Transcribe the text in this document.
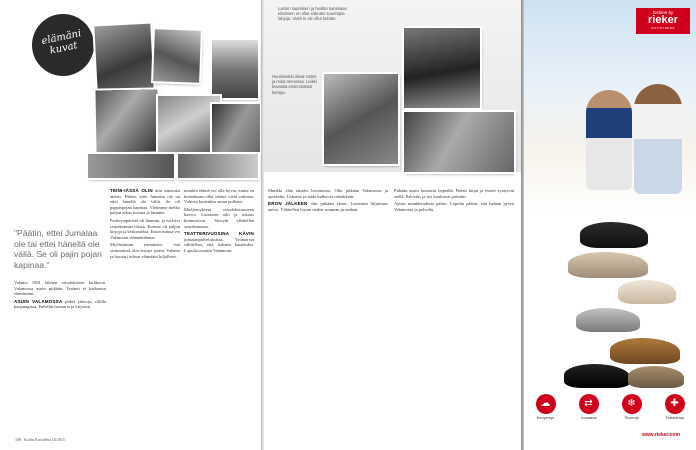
elämäni kuvat
"Päätin, ettei Jumalaa ole tai ettei hänellä ole väliä. Se oli pajin pojan kapinaa."

TEINI-IÄSSÄ OLIN niin sanotusti ateisti. Päätin, ettei Jumalaa ole tai ettei hänellä ole väliä. Se oli pappispojan kapinaa. Vietimme melko paljon aikaa kotona ja luimme.

Perheympäristö oli lämmin, ja isä kävi seurakunnan töissä. Kotona oli paljon kirjoja ja keskustelua. Ensin minua vei Valamoon elämäntilanne.

Myöhemmin ymmärsin, että sisimmässä olin etsinyt jotain. Valamo ja luostari tulivat elämääni hiljalleen.

munkin elämä voi olla hyvin, mutta en kuitenkaan ollut tehnyt vielä valintaa. Valitsin kuitenkin oman polkuni.

Mieltymykseni ortodoksisuuteen kasvoi. Luostarin arki ja rukous kiinnostivat. Siirryin vähitellen seurakuntaan.

TEATTERIVUOSINA KÄVIN jumalanpalveluksissa. Ymmärsin vähitellen, että halusin kastetuksi. Lopulta muutin Valamoon.

Valamo 1991 lähtien ortodoksisen kirkkoon. Valamossa asuin pitkään. Teatteri ei kadonnut elämästäni.

ASUIN VALAMOSSA pitkiä jaksoja, välillä kaupungissa. Palvelin luostaria ja kirjoitin.

108 Kodin Kuvalehti 10/2015
Lasten saamisen ja heidän kanssaan elämisen on ollut elämäni suurimpia lahjoja. Vielä ei ole ollut ketään.
Huomiseksi olivat Väinö ja minä menossa. Leikki kuvassa ensimmäisiä kertoja.

Munkki elää tänään luostarissa. Olin pitkään Valamossa ja opiskelin. Uskonto ja taide kulkevat rinnakkain.

ERON JÄLKEEN olin pitkään yksin. Luostarin hiljaisuus auttoi. Vähitellen löysin uuden suunnan ja rauhan.

Pitkään asuin luostarin liepeillä. Pienet kirjat ja esseet syntyivät siellä. Palvelus ja työ kuuluivat päivään.

Ajatus munkkeudesta palasi. Lopulta päätin, että haluan pysyä Valamossa ja palvella.

fashion by
rieker
ANTISTRESS
☁
Kevyempi
⇄
Joustava
❄
Tiivempi
✚
Tärkeämpi
www.rieker.com
